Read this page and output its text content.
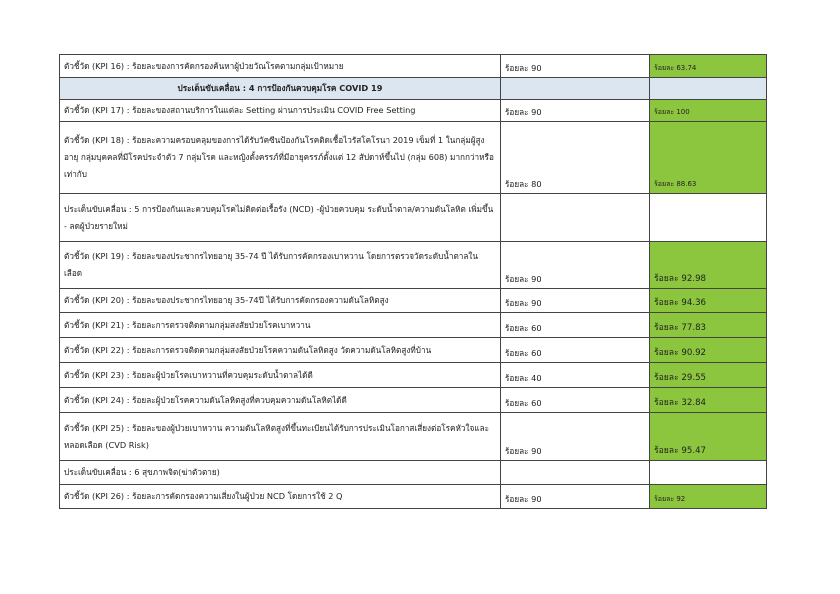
ตัวชี้วัด (KPI 16) : ร้อยละของการคัดกรองค้นหาผู้ป่วยวัณโรคตามกลุ่มเป้าหมาย	ร้อยละ 90	ร้อยละ 63.74
ประเด็นขับเคลื่อน : 4 การป้องกันควบคุมโรค COVID 19		
ตัวชี้วัด (KPI 17) : ร้อยละของสถานบริการในแต่ละ Setting ผ่านการประเมิน COVID Free Setting	ร้อยละ 90	ร้อยละ 100
ตัวชี้วัด (KPI 18) : ร้อยละความครอบคลุมของการได้รับวัคซีนป้องกันโรคติดเชื้อไวรัสโคโรนา 2019 เข็มที่ 1 ในกลุ่มผู้สูงอายุ กลุ่มบุคคลที่มีโรคประจำตัว 7 กลุ่มโรค และหญิงตั้งครรภ์ที่มีอายุครรภ์ตั้งแต่ 12 สัปดาห์ขึ้นไป (กลุ่ม 608) มากกว่าหรือเท่ากับ	ร้อยละ 80	ร้อยละ 88.63
ประเด็นขับเคลื่อน : 5 การป้องกันและควบคุมโรคไม่ติดต่อเรื้อรัง (NCD) -ผู้ป่วยควบคุม ระดับน้ำตาล/ความดันโลหิต เพิ่มขึ้น - ลดผู้ป่วยรายใหม่		
ตัวชี้วัด (KPI 19) : ร้อยละของประชากรไทยอายุ 35-74 ปี ได้รับการคัดกรองเบาหวาน โดยการตรวจวัดระดับน้ำตาลในเลือด	ร้อยละ 90	ร้อยละ 92.98
ตัวชี้วัด (KPI 20) : ร้อยละของประชากรไทยอายุ 35-74ปี ได้รับการคัดกรองความดันโลหิตสูง	ร้อยละ 90	ร้อยละ 94.36
ตัวชี้วัด (KPI 21) : ร้อยละการตรวจติดตามกลุ่มสงสัยป่วยโรคเบาหวาน	ร้อยละ 60	ร้อยละ 77.83
ตัวชี้วัด (KPI 22) : ร้อยละการตรวจติดตามกลุ่มสงสัยป่วยโรคความดันโลหิตสูง วัดความดันโลหิตสูงที่บ้าน	ร้อยละ 60	ร้อยละ 90.92
ตัวชี้วัด (KPI 23) : ร้อยละผู้ป่วยโรคเบาหวานที่ควบคุมระดับน้ำตาลได้ดี	ร้อยละ 40	ร้อยละ 29.55
ตัวชี้วัด (KPI 24) : ร้อยละผู้ป่วยโรคความดันโลหิตสูงที่ควบคุมความดันโลหิตได้ดี	ร้อยละ 60	ร้อยละ 32.84
ตัวชี้วัด (KPI 25) : ร้อยละของผู้ป่วยเบาหวาน ความดันโลหิตสูงที่ขึ้นทะเบียนได้รับการประเมินโอกาสเสี่ยงต่อโรคหัวใจและหลอดเลือด (CVD Risk)	ร้อยละ 90	ร้อยละ 95.47
ประเด็นขับเคลื่อน : 6 สุขภาพจิต(ฆ่าตัวตาย)		
ตัวชี้วัด (KPI 26) : ร้อยละการคัดกรองความเสี่ยงในผู้ป่วย NCD โดยการใช้ 2 Q	ร้อยละ 90	ร้อยละ 92
